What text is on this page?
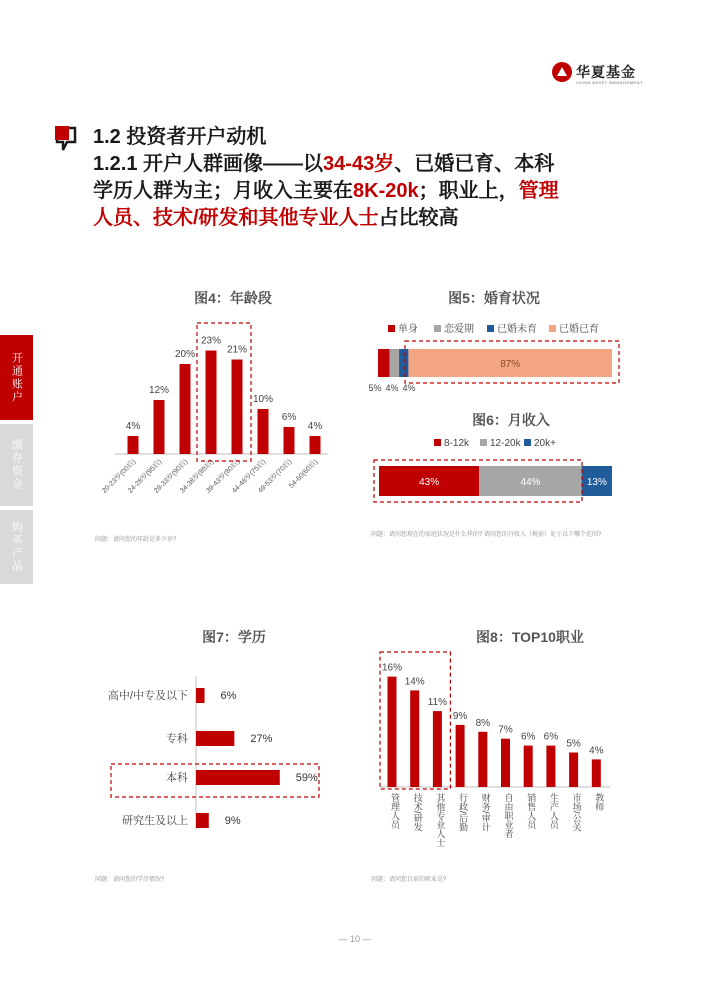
华夏基金
CHINA ASSET MANAGEMENT
1.2 投资者开户动机
1.2.1 开户人群画像——以34-43岁、已婚已育、本科
学历人群为主；月收入主要在8K-20k；职业上，管理
人员、技术/研发和其他专业人士占比较高
开通账户
缴存资金
购买产品
图4：年龄段
4%
20-23岁(00后)
12%
24-28岁(95后)
20%
29-33岁(90后)
23%
34-38岁(85后)
21%
39-43岁(80后)
10%
44-48岁(75后)
6%
49-53岁(70后)
4%
54-60(60后)
图5：婚育状况
单身	恋爱期 已婚未育 已婚已育
5% 4% 4%
87%
图6：月收入
8-12k 12-20k 20k+
43%	44%	13%
图7：学历
高中/中专及以下	6%
专科	27%
本科	59%
研究生及以上	9%
图8：TOP10职业
16%
管理人员
14%
技术/研发
11%
其他专业人士
9%
行政/后勤
8%
财务/审计
7%
自由职业者
6%
销售人员
6%
生产人员
5%
市场/公关
4%
教师
问题：请问您的年龄是多少岁?
问题：请问您现在的家庭状况是什么样的? 请问您的月收入（税前）处于以下哪个范围?
问题：请问您的学历情况?	问题：请问您目前的职业是?
— 10 —
